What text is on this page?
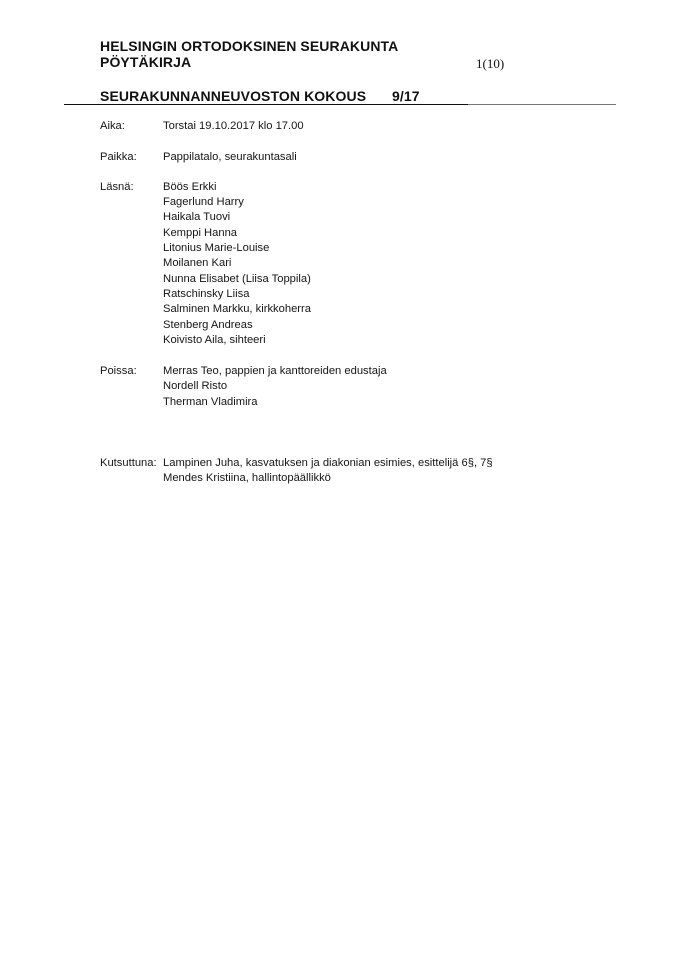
HELSINGIN ORTODOKSINEN SEURAKUNTA
PÖYTÄKIRJA	1(10)
SEURAKUNNANNEUVOSTON KOKOUS 9/17
Aika:	Torstai 19.10.2017 klo 17.00
Paikka: Pappilatalo, seurakuntasali
Läsnä:	Böös Erkki
Fagerlund Harry
Haikala Tuovi
Kemppi Hanna
Litonius Marie-Louise
Moilanen Kari
Nunna Elisabet (Liisa Toppila)
Ratschinsky Liisa
Salminen Markku, kirkkoherra
Stenberg Andreas
Koivisto Aila, sihteeri
Poissa: Merras Teo, pappien ja kanttoreiden edustaja
Nordell Risto
Therman Vladimira
Kutsuttuna: Lampinen Juha, kasvatuksen ja diakonian esimies, esittelijä 6§, 7§
Mendes Kristiina, hallintopäällikkö
